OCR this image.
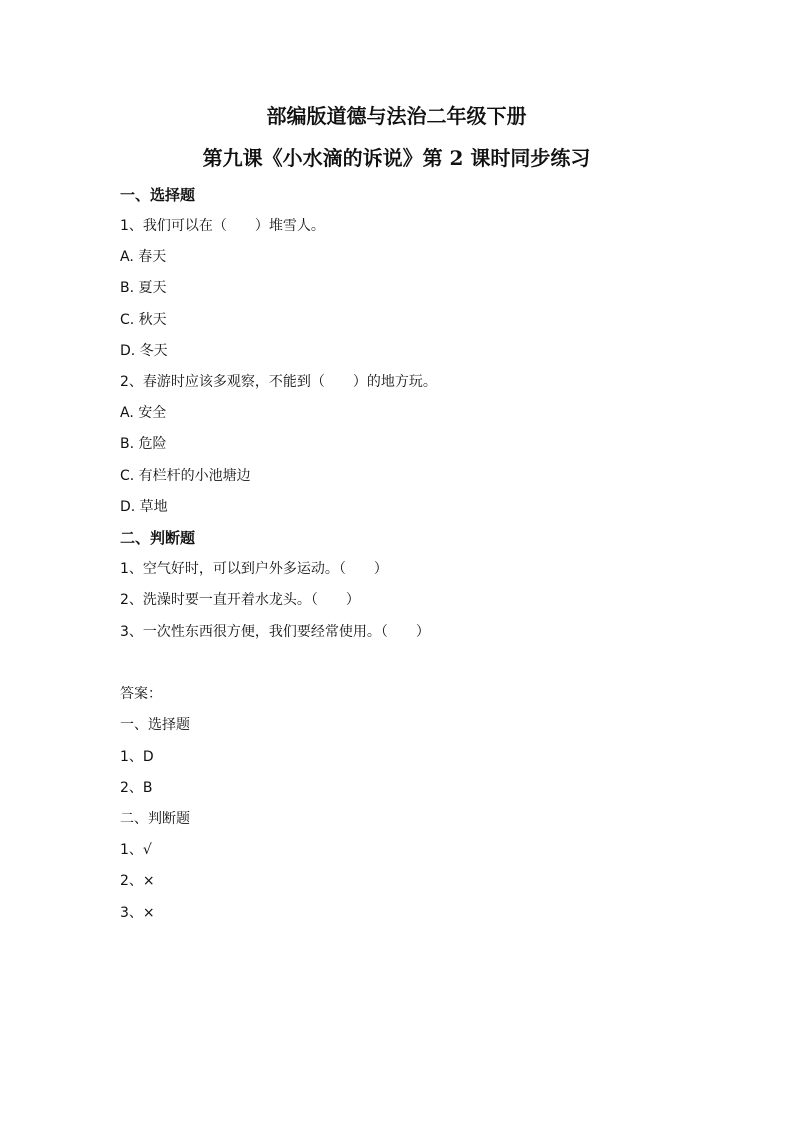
部编版道德与法治二年级下册
第九课《小水滴的诉说》第 2 课时同步练习
一、选择题
1、我们可以在（　　）堆雪人。
A. 春天
B. 夏天
C. 秋天
D. 冬天
2、春游时应该多观察，不能到（　　）的地方玩。
A. 安全
B. 危险
C. 有栏杆的小池塘边
D. 草地
二、判断题
1、空气好时，可以到户外多运动。（　　）
2、洗澡时要一直开着水龙头。（　　）
3、一次性东西很方便，我们要经常使用。（　　）
答案：
一、选择题
1、D
2、B
二、判断题
1、√
2、×
3、×
